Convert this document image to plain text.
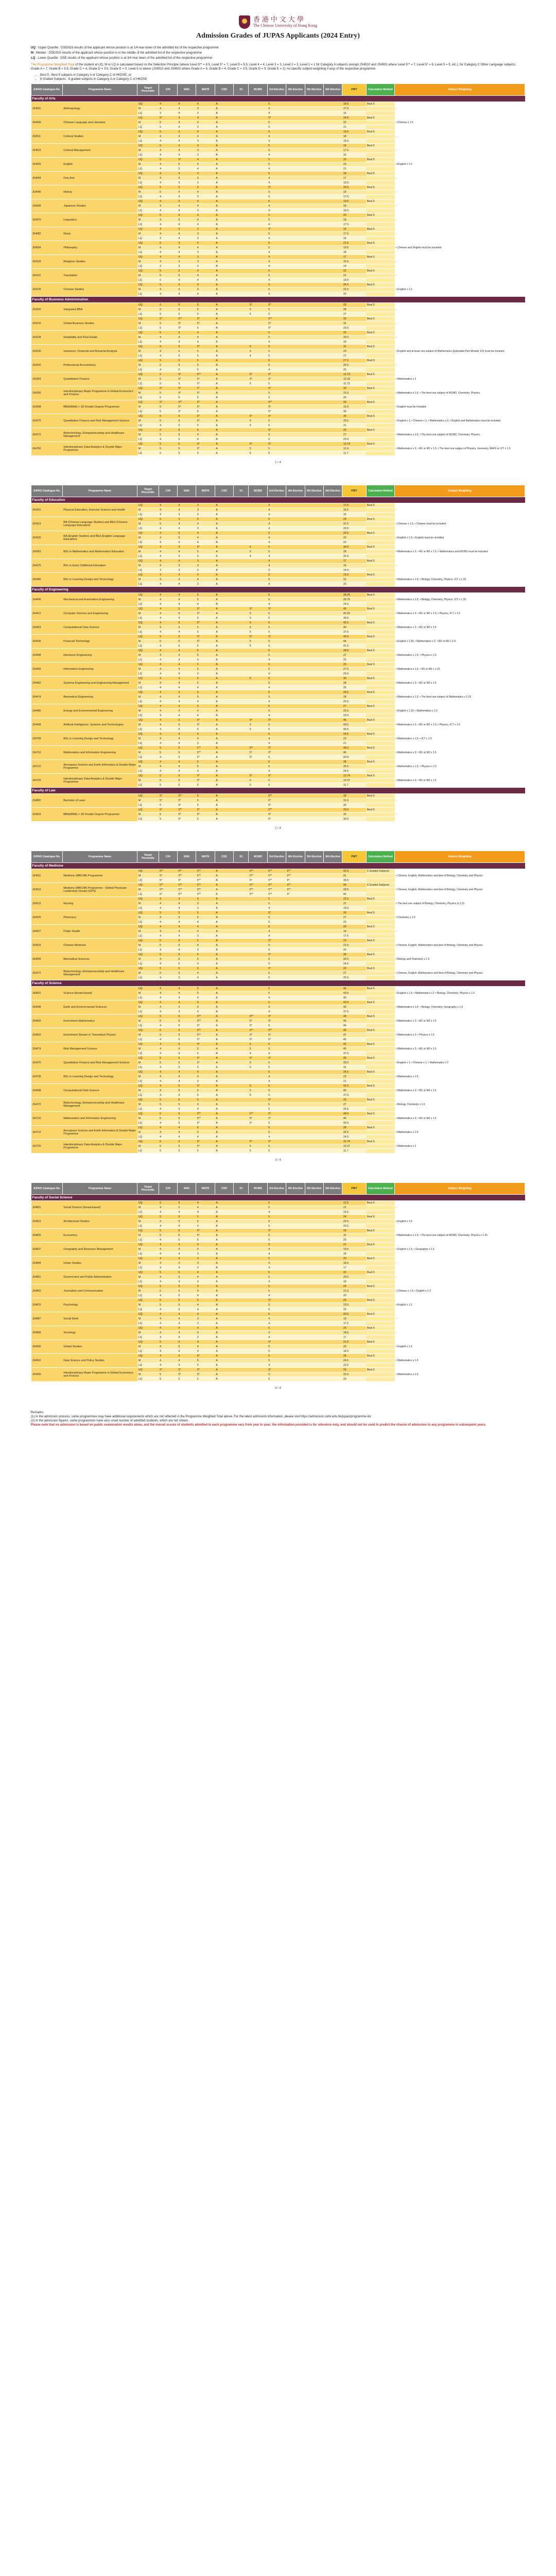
香港中文大學
The Chinese University of Hong Kong
Admission Grades of JUPAS Applicants (2024 Entry)
UQ : Upper Quartile : DSE/IGS results of the applicant whose position is at 1/4 rear down of the admitted list of the respective programme
M : Median : DSE/IGS results of the applicant whose position is in the middle of the admitted list of the respective programme
LQ : Lower Quartile : DSE results of the applicant whose position is at 3/4 rear down of the admitted list of the respective programme
The Programme Weighted Total of the student at UQ, M or LQ is calculated based on the Selection Principle (where Level 5** = 8.5, Level 5* = 7, Level 5 = 5.5, Level 4 = 4, Level 3 = 3, Level 2 = 2, Level 1 = 1 for Category A subjects (except JS4510 and JS4501 where Level 5** = 7, Level 5* = 6, Level 5 = 5, etc.); for Category C Other Language subjects, Grade A = 7, Grade B = 5.5, Grade C = 4, Grade D = 3.5, Grade E = 3; Level 5 or above (JS4510 and JS4501 where Grade A = 5, Grade B = 4, Grade C = 3.5, Grade D = 3, Grade E = 2); no specific subject weighting if any) of the respective programme
• Best 5 : Best 5 subjects in Category A or Category C of HKDSE; or
• 6 Graded Subjects : 6 graded subjects in Category A or Category C of HKDSE
JUPAS Catalogue No.	Programme Name	Target Percentile	CHI	ENG	MATH	CSD	X1	M1/M2	3rd Elective	4th Elective	5th Elective	6th Elective	PWT	Calculation Method	Subject Weighting
Faculty of Arts															
JS4001	Anthropology	UQ	4	4	4	A			5				18.5	Best 5	-
		M	4	4	3	A			4				17.5		
		LQ	3	4	3	A			4				16		
JS4009	Chinese Language and Literature	UQ	5*	4	4	A			5*				24.5	Best 5	• Chinese x 1.5
		M	5	4	4	A			5				22		
		LQ	5	4	3	A			5				21		
JS4011	Cultural Studies	UQ	5	4	4	A			5				19.5	Best 5	-
		M	4	4	4	A			4				18		
		LQ	4	4	3	A			4				16.5		
JS4023	Cultural Management	UQ	5	4	4	A			5				19	Best 5	-
		M	4	4	3	A			5				17.5		
		LQ	4	4	3	A			4				16		
JS4025	English	UQ	5	5*	4	A			5				25	Best 5	• English x 1.5
		M	4	5	4	A			5				23		
		LQ	4	5	4	A			4				21		
JS4044	Fine Arts	UQ	4	4	3	A			5				18	Best 5	-
		M	4	4	3	A			4				17		
		LQ	4	3	3	A			4				15.5		
JS4046	History	UQ	5	5	4	A			5*				20.5	Best 5	-
		M	5	4	4	A			5				19		
		LQ	4	4	3	A			5				17.5		
JS4058	Japanese Studies	UQ	4	5	4	A			5				19.5	Best 5	-
		M	4	4	4	A			4				18		
		LQ	4	4	3	A			4				16.5		
JS4070	Linguistics	UQ	5	5	4	A			5				20	Best 5	-
		M	4	5	4	A			5				19		
		LQ	4	4	4	A			4				17.5		
JS4082	Music	UQ	4	4	3	A			5*				19	Best 5	-
		M	4	4	3	A			5				17.5		
		LQ	3	4	3	A			4				15		
JS4094	Philosophy	UQ	5	4	4	A			5				21.5	Best 5	• Chinese and English must be provided
		M	4	4	4	A			5				19.5		
		LQ	4	4	3	A			4				18		
JS4109	Religious Studies	UQ	4	4	3	A			4				17	Best 5	-
		M	4	3	3	A			4				15.5		
		LQ	3	3	3	A			4				14		
JS4110	Translation	UQ	5	5	4	A			5				22	Best 5	-
		M	5	5	4	A			5				21		
		LQ	5	4	4	A			4				19.5		
JS4135	Chinese Studies	UQ	5	5	4	A			5				24.5	Best 5	• English x 1.5
		M	4	5	4	A			5				22.5		
		LQ	4	4	4	A			4				20		
Faculty of Business Administration															
JS4202	Integrated BBA	UQ	5	5	5	A		5*	5*				29	Best 5	-
		M	5	5	5	A		5	5				28		
		LQ	5	5	5	A		5	5				27		
JS4216	Global Business Studies	UQ	5*	5**	5*	A			5**				33	Best 5	-
		M	5	5*	5*	A			5*				31		
		LQ	5	5*	5	A			5*				29.5		
JS4228	Hospitality and Real Estate	UQ	5	5	4	A			5				22	Best 5	-
		M	4	4	4	A			5				20.5		
		LQ	4	4	4	A			4				19		
JS4230	Insurance, Financial and Actuarial Analysis	UQ	5	5	5*	A		5	5				31	Best 5	• English and at least one subject of Mathematics (Extended Part Module 1/2) must be included
		M	4	5	5	A		5	5				29		
		LQ	4	5	5	A		4	5				27		
JS4242	Professional Accountancy	UQ	5	5	5	A			5				27.5	Best 5	-
		M	5	5	5	A			5				26.5		
		LQ	4	5	5	A			4				25		
JS4254	Quantitative Finance	UQ	5	5*	5**	A		5*	5*				12.73	Best 5	• Mathematics x 2
		M	5	5*	5*	A		5*	5*				12.33		
		LQ	5	5	5*	A		5	5				11.73		
JS4266	Interdisciplinary Major Programme in Global Economics and Finance	UQ	5*	5*	5*	A			5*				33	Best 5	• Mathematics x 1.5; • The best one subject of M1/M2, Chemistry, Physics
		M	5	5*	5*	A			5				31.5		
		LQ	5	5	5	A			5				29		
JS4268	BBA(IBBA) + JD Double Degree Programme	UQ	5*	5**	5*	A			5**				33	Best 5	• English must be included
		M	5	5*	5*	A			5*				31.5		
		LQ	5	5*	5	A			5*				30		
JS4270	Quantitative Finance and Risk Management Science	UQ	5	5	5*	A		5*	5*				35	Best 5	• English x 1; • Chinese x 1; • Mathematics x 2; • English and Mathematics must be included
		M	5	5	5*	A		5	5				33.5		
		LQ	4	5	5	A		5	5				31		
JS4272	Biotechnology, Entrepreneurship and Healthcare Management	UQ	5	5	5	A			5*				29	Best 5	• Mathematics x 1.5; • The best one subject of M1/M2, Chemistry, Physics
		M	5	5	4	A			5				27		
		LQ	4	5	4	A			5				25.5		
JS4760	Interdisciplinary Data Analytics & Double Major Programme	UQ	5	5	5*	A		5*	5*				12.74	Best 5	• Mathematics x 2; • M1 or M2 x 1.5; • The best one subject of Physics, Geometry, BAFS or ICT x 1.5
		M	5	5	5*	A		5	5				12.4		
		LQ	5	5	5	A		5	5				11.7		
1 / 4
JUPAS Catalogue No.	Programme Name	Target Percentile	CHI	ENG	MATH	CSD	X1	M1/M2	3rd Elective	4th Elective	5th Elective	6th Elective	PWT	Calculation Method	Subject Weighting
Faculty of Education															
JS4301	Physical Education, Exercise Science and Health	UQ	4	4	3	A			4				17.5	Best 5	-
		M	4	4	3	A			4				16.5		
		LQ	3	3	3	A			4				15		
JS4313	BA (Chinese Language Studies) and BEd (Chinese Language Education)	UQ	5	4	4	A			5				24	Best 5	• Chinese x 1.5; • Chinese must be included
		M	5	4	4	A			4				22.5		
		LQ	4	4	3	A			4				20.5		
JS4325	BA (English Studies) and BEd (English Language Education)	UQ	4	5	4	A			5				23.5	Best 5	• English x 1.5; • English must be included
		M	4	5	4	A			4				22		
		LQ	4	4	4	A			4				20		
JS4363	BSc in Mathematics and Mathematics Education	UQ	4	4	5*	A		5	5				30.5	Best 5	• Mathematics x 2; • M1 or M2 x 1.5; • Mathematics and M1/M2 must be included
		M	4	4	5	A		5	5				28		
		LQ	4	4	5	A		4	4				25.5		
JS4375	BSc in Early Childhood Education	UQ	4	4	3	A			4				17	Best 5	-
		M	4	3	3	A			4				16		
		LQ	3	3	3	A			3				14.5		
JS4380	BSc in Learning Design and Technology	UQ	4	4	4	A			5				23.5	Best 5	• Mathematics x 1.5; • Biology, Chemistry, Physics, ICT x 1.25
		M	4	4	4	A			5				22		
		LQ	4	4	3	A			4				20		
Faculty of Engineering															
JS4406	Mechanical and Automation Engineering	UQ	4	4	5	A			5				28.25	Best 5	• Mathematics x 1.5; • Biology, Chemistry, Physics, ICT x 1.25
		M	4	4	5	A			5				26.75		
		LQ	4	4	4	A			4				24.5		
JS4412	Computer Science and Engineering	UQ	4	5	5*	A		5*	5*				45	Best 5	• Mathematics x 2; • M1 or M2 x 1.5; • Physics, ICT x 1.5
		M	4	5	5*	A		5	5				42.25		
		LQ	4	4	5	A		5	5				39.5		
JS4424	Computational Data Science	UQ	4	5	5*	A		5	5				42.5	Best 5	• Mathematics x 2; • M1 or M2 x 1.5
		M	4	5	5	A		5	5				40		
		LQ	4	4	5	A		5	5				37.5		
JS4436	Financial Technology	UQ	5	5	5*	A		5*	5*				46.5	Best 5	• English x 1.25; • Mathematics x 2; • M1 or M2 x 1.5
		M	5	5	5*	A		5	5				44		
		LQ	4	5	5	A		5	5				41.5		
JS4448	Electronic Engineering	UQ	4	4	5	A			5				28.5	Best 5	• Mathematics x 1.5; • Physics x 1.5
		M	4	4	5	A			5				27		
		LQ	4	4	4	A			4				25		
JS4450	Information Engineering	UQ	4	4	5	A			5				29	Best 5	• Mathematics x 1.5; • M1 or M2 x 1.25
		M	4	4	5	A			5				27.5		
		LQ	4	4	4	A			4				25.5		
JS4462	Systems Engineering and Engineering Management	UQ	4	4	5	A		5	5				30	Best 5	• Mathematics x 2; • M1 or M2 x 1.5
		M	4	4	5	A			5				28		
		LQ	4	4	4	A			4				26		
JS4474	Biomedical Engineering	UQ	4	4	5	A			5				29.5	Best 5	• Mathematics x 1.5; • The best one subject of Mathematics x 1.25
		M	4	4	5	A			5				28		
		LQ	4	4	4	A			4				25.5		
JS4486	Energy and Environmental Engineering	UQ	4	4	5	A			5				27	Best 5	• English x 1.25; • Mathematics x 1.5
		M	4	4	4	A			5				25.5		
		LQ	4	4	4	A			4				23.5		
JS4498	Artificial Intelligence: Systems and Technologies	UQ	4	5	5*	A		5*	5*				46	Best 5	• Mathematics x 2; • M1 or M2 x 1.5; • Physics, ICT x 1.5
		M	4	5	5*	A		5	5				43.5		
		LQ	4	5	5	A		5	5				40.5		
JS4709	BSc in Learning Design and Technology	UQ	4	4	4	A			5				24.5	Best 5	• Mathematics x 1.5; • ICT x 1.5
		M	4	4	4	A			4				23		
		LQ	4	4	3	A			4				21		
JS4710	Mathematics and Information Engineering	UQ	5	5	5**	A		5**	5*				48.5	Best 5	• Mathematics x 2; • M1 or M2 x 1.5
		M	5	5	5**	A		5*	5*				46		
		LQ	4	5	5*	A		5*	5				43.5		
JS4712	Aerospace Science and Earth Informatics & Double Major Programme	UQ	4	4	5	A			5				28	Best 5	• Mathematics x 1.5; • Physics x 1.5
		M	4	4	5	A			5				26.5		
		LQ	4	4	4	A			4				24.5		
JS4720	Interdisciplinary Data Analytics & Double Major Programme	UQ	5	5	5*	A		5*	5*				12.74	Best 5	• Mathematics x 2; • M1 or M2 x 1.5
		M	5	5	5*	A		5	5				12.37		
		LQ	5	5	5	A		5	5				11.7		
Faculty of Law															
JS4802	Bachelor of Laws	UQ	5*	5**	5	A			5**				33	Best 5	-
		M	5*	5*	5	A			5*				31.5		
		LQ	5	5*	5	A			5*				30		
JS4816	BBA(IBBA) + JD Double Degree Programme	UQ	5*	5**	5*	A			5**				33.5	Best 5	-
		M	5	5*	5*	A			5*				32		
		LQ	5	5*	5	A			5*				30.5		
2 / 4
JUPAS Catalogue No.	Programme Name	Target Percentile	CHI	ENG	MATH	CSD	X1	M1/M2	3rd Elective	4th Elective	5th Elective	6th Elective	PWT	Calculation Method	Subject Weighting
Faculty of Medicine															
JS4501	Medicine (MBChB) Programme	UQ	5**	5**	5**	A		5**	5**	5**			42.5	6 Graded Subjects	• Chinese, English, Mathematics and best of Biology, Chemistry and Physics
		M	5*	5**	5**	A		5**	5**	5**			41		
		LQ	5*	5*	5**	A		5*	5**	5*			39.5		
JS4510	Medicine (MBChB) Programme - Global Physician-Leadership Stream (GPS)	UQ	5**	5**	5**	A		5**	5**	5**			44	6 Graded Subjects	• Chinese, English, Mathematics and best of Biology, Chemistry and Physics
		M	5**	5**	5**	A		5**	5**	5**			43.5		
		LQ	5*	5**	5**	A		5**	5**	5*			42		
JS4512	Nursing	UQ	4	4	4	A			5				22.5	Best 5	• The best one subject of Biology, Chemistry, Physics (x 1.5)
		M	4	4	3	A			5				21		
		LQ	4	4	3	A			4				19.5		
JS4525	Pharmacy	UQ	5	5	5	A			5*				29	Best 5	• Chemistry x 1.5
		M	4	5	5	A			5				27		
		LQ	4	4	4	A			5				25		
JS4527	Public Health	UQ	4	4	4	A			5				20	Best 5	-
		M	4	4	4	A			4				19		
		LQ	4	4	3	A			4				17.5		
JS4533	Chinese Medicine	UQ	5	5	5	A			5*				23	Best 5	• Chinese, English, Mathematics and best of Biology, Chemistry and Physics
		M	5	5	4	A			5				21.5		
		LQ	4	4	4	A			5				20		
JS4550	Biomedical Sciences	UQ	5	5	5	A			5*				28	Best 5	• Biology and Chemistry x 1.5
		M	4	5	5	A			5				26.5		
		LQ	4	5	4	A			5				24.5		
JS4272	Biotechnology, Entrepreneurship and Healthcare Management	UQ	5	5	5	A			5*				29	Best 5	• Chinese, English, Mathematics and best of Biology, Chemistry and Physics
		M	5	5	4	A			5				27		
		LQ	4	5	4	A			5				25.5		
Faculty of Science															
JS4601	Science (broad-based)	UQ	4	4	5	A			5				46	Best 5	• English x 1.5; • Mathematics x 2; • Biology, Chemistry, Physics x 1.5
		M	4	4	5	A			5				43.5		
		LQ	4	4	4	A			4				40		
JS4648	Earth and Environmental Sciences	UQ	4	4	4	A			5				42.5	Best 5	• Mathematics x 1.5; • Biology, Chemistry, Geography x 1.5
		M	4	4	4	A			4				40		
		LQ	4	3	4	A			4				37.5		
JS4650	Enrichment Mathematics	UQ	5	5	5**	A		5**	5*				48	Best 5	• Mathematics x 2; • M1 or M2 x 1.5
		M	5	5	5**	A		5*	5*				46		
		LQ	4	5	5*	A		5*	5				44		
JS4662	Enrichment Stream in Theoretical Physics	UQ	5	5	5**	A		5**	5**				49	Best 5	• Mathematics x 2; • Physics x 1.5
		M	5	5	5**	A		5*	5*				47		
		LQ	4	5	5*	A		5*	5*				45		
JS4674	Risk Management Science	UQ	4	5	5*	A		5	5				42	Best 5	• Mathematics x 2; • M1 or M2 x 1.5
		M	4	4	5	A		5	5				40		
		LQ	4	4	5	A		4	4				37.5		
JS4270	Quantitative Finance and Risk Management Science	UQ	5	5	5*	A		5*	5*				35	Best 5	• English x 1; • Chinese x 1; • Mathematics x 2
		M	5	5	5*	A		5	5				33.5		
		LQ	4	5	5	A		5	5				31		
JS4709	BSc in Learning Design and Technology	UQ	4	4	4	A			5				24.5	Best 5	• Mathematics x 1.5
		M	4	4	4	A			4				23		
		LQ	4	4	3	A			4				21		
JS4698	Computational Data Science	UQ	4	5	5*	A		5	5				42.5	Best 5	• Mathematics x 2; • M1 or M2 x 1.5
		M	4	5	5	A		5	5				40		
		LQ	4	4	5	A		5	5				37.5		
JS4272	Biotechnology, Entrepreneurship and Healthcare Management	UQ	5	5	5	A			5*				29	Best 5	• Biology, Chemistry x 1.5
		M	5	5	4	A			5				27		
		LQ	4	5	4	A			5				25.5		
JS4710	Mathematics and Information Engineering	UQ	5	5	5**	A		5**	5*				48.5	Best 5	• Mathematics x 2; • M1 or M2 x 1.5
		M	5	5	5**	A		5*	5*				46		
		LQ	4	5	5*	A		5*	5				43.5		
JS4712	Aerospace Science and Earth Informatics & Double Major Programme	UQ	4	4	5	A			5				28	Best 5	• Mathematics x 1.5
		M	4	4	5	A			5				26.5		
		LQ	4	4	4	A			4				24.5		
JS4720	Interdisciplinary Data Analytics & Double Major Programme	UQ	5	5	5*	A		5*	5*				12.74	Best 5	• Mathematics x 2
		M	5	5	5*	A		5	5				12.37		
		LQ	5	5	5	A		5	5				11.7		
3 / 4
JUPAS Catalogue No.	Programme Name	Target Percentile	CHI	ENG	MATH	CSD	X1	M1/M2	3rd Elective	4th Elective	5th Elective	6th Elective	PWT	Calculation Method	Subject Weighting
Faculty of Social Science															
JS4801	Social Science (broad-based)	UQ	5	5	4	A			5				22.5	Best 5	-
		M	4	5	4	A			5				21		
		LQ	4	4	4	A			4				19.5		
JS4813	Architectural Studies	UQ	5	5	5	A			5				24	Best 5	• English x 1.5
		M	4	5	5	A			5				22.5		
		LQ	4	4	4	A			5				20.5		
JS4825	Economics	UQ	5	5	5*	A			5*				33	Best 5	• Mathematics x 1.5; • The best one subject of M1/M2, Chemistry, Physics x 1.25
		M	5	5	5*	A			5				31		
		LQ	4	5	5	A			5				29		
JS4837	Geography and Resource Management	UQ	4	4	4	A			5				21	Best 5	• English x 1.5; • Geography x 1.5
		M	4	4	4	A			4				19.5		
		LQ	4	4	3	A			4				18		
JS4849	Urban Studies	UQ	4	4	4	A			5				20	Best 5	-
		M	4	4	3	A			4				18.5		
		LQ	4	4	3	A			4				17		
JS4851	Government and Public Administration	UQ	5	5	4	A			5				22	Best 5	-
		M	4	5	4	A			5				20.5		
		LQ	4	4	4	A			4				19		
JS4863	Journalism and Communication	UQ	5	5	4	A			5				23	Best 5	• Chinese x 1.5; • English x 1.5
		M	5	5	4	A			5				21.5		
		LQ	4	5	4	A			4				20		
JS4875	Psychology	UQ	5	5	5	A			5*				25	Best 5	• English x 1.5
		M	5	5	4	A			5				23.5		
		LQ	4	5	4	A			5				22		
JS4887	Social Work	UQ	4	4	4	A			5				20.5	Best 5	-
		M	4	4	3	A			4				19		
		LQ	4	4	3	A			4				17.5		
JS4899	Sociology	UQ	4	4	4	A			5				20	Best 5	-
		M	4	4	4	A			4				18.5		
		LQ	4	4	3	A			4				17		
JS4900	Global Studies	UQ	5	5	4	A			5*				21.5	Best 5	• English x 1.5
		M	4	5	4	A			5				20		
		LQ	4	4	4	A			5				18.5		
JS4902	Data Science and Policy Studies	UQ	4	5	5*	A			5				26	Best 5	• Mathematics x 1.5
		M	4	4	5	A			5				24.5		
		LQ	4	4	5	A			4				22.5		
JS4266	Interdisciplinary Major Programme in Global Economics and Finance	UQ	5*	5*	5*	A			5*				33	Best 5	• Mathematics x 1.5
		M	5	5*	5*	A			5				31.5		
		LQ	5	5	5	A			5				29		
4 / 4
Remarks:
(1) In the admission process, some programmes may have additional requirements which are not reflected in the Programme Weighted Total above. For the latest admission information, please visit https://admission.cuhk.edu.hk/jupas/programme-list
(2) In the admission figures, some programmes have very small number of admitted students, which are not shown.
Please note that no admission is based on public examination results alone, and the overall scores of students admitted to each programme vary from year to year; the information provided is for reference only, and should not be used to predict the chance of admission to any programme in subsequent years.
